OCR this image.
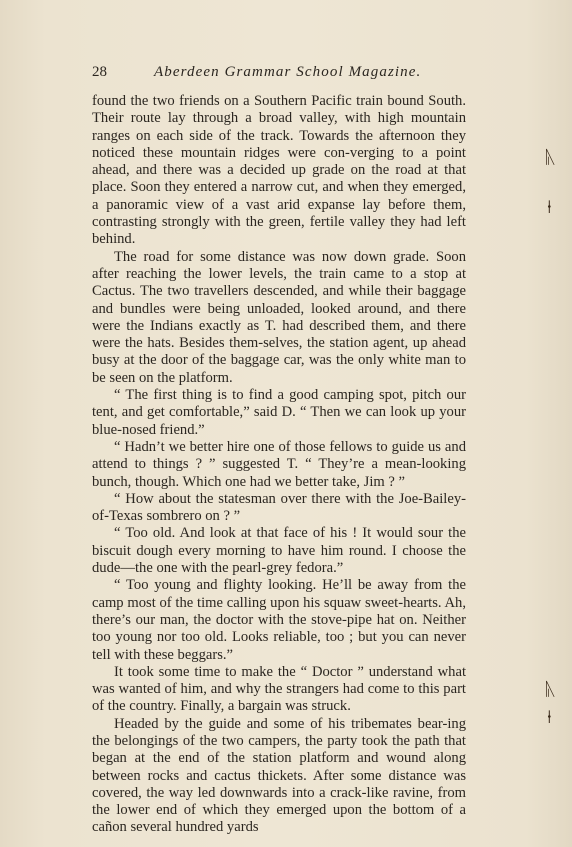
28	Aberdeen Grammar School Magazine.

found the two friends on a Southern Pacific train bound South. Their route lay through a broad valley, with high mountain ranges on each side of the track. Towards the afternoon they noticed these mountain ridges were con-verging to a point ahead, and there was a decided up grade on the road at that place. Soon they entered a narrow cut, and when they emerged, a panoramic view of a vast arid expanse lay before them, contrasting strongly with the green, fertile valley they had left behind.

The road for some distance was now down grade. Soon after reaching the lower levels, the train came to a stop at Cactus. The two travellers descended, and while their baggage and bundles were being unloaded, looked around, and there were the Indians exactly as T. had described them, and there were the hats. Besides them-selves, the station agent, up ahead busy at the door of the baggage car, was the only white man to be seen on the platform.

“ The first thing is to find a good camping spot, pitch our tent, and get comfortable,” said D. “ Then we can look up your blue-nosed friend.”

“ Hadn’t we better hire one of those fellows to guide us and attend to things ? ” suggested T. “ They’re a mean-looking bunch, though. Which one had we better take, Jim ? ”

“ How about the statesman over there with the Joe-Bailey-of-Texas sombrero on ? ”

“ Too old. And look at that face of his ! It would sour the biscuit dough every morning to have him round. I choose the dude—the one with the pearl-grey fedora.”

“ Too young and flighty looking. He’ll be away from the camp most of the time calling upon his squaw sweet-hearts. Ah, there’s our man, the doctor with the stove-pipe hat on. Neither too young nor too old. Looks reliable, too ; but you can never tell with these beggars.”

It took some time to make the “ Doctor ” understand what was wanted of him, and why the strangers had come to this part of the country. Finally, a bargain was struck.

Headed by the guide and some of his tribemates bear-ing the belongings of the two campers, the party took the path that began at the end of the station platform and wound along between rocks and cactus thickets. After some distance was covered, the way led downwards into a crack-like ravine, from the lower end of which they emerged upon the bottom of a cañon several hundred yards

ᚣ
⍿
ᚣ
⍿
